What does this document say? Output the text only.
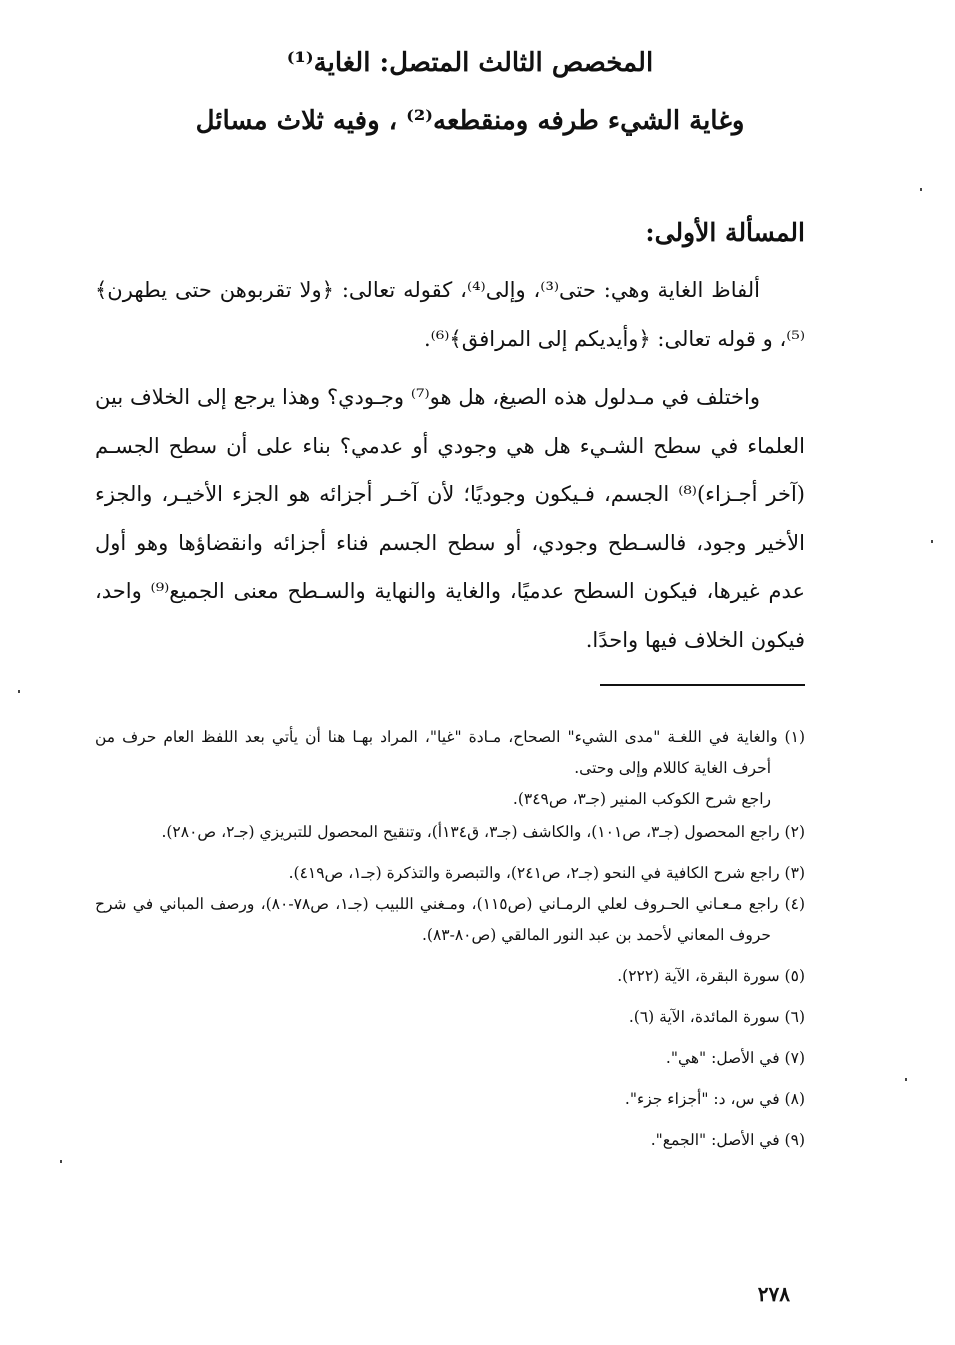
المخصص الثالث المتصل: الغاية⁽¹⁾
وغاية الشيء طرفه ومنقطعه⁽²⁾ ، وفيه ثلاث مسائل
المسألة الأولى:

ألفاظ الغاية وهي: حتى⁽³⁾، وإلى⁽⁴⁾، كقوله تعالى: ﴿ولا تقربوهن حتى يطهرن﴾⁽⁵⁾، و قوله تعالى: ﴿وأيديكم إلى المرافق﴾⁽⁶⁾.

واختلف في مـدلول هذه الصيغ، هل هو⁽⁷⁾ وجـودي؟ وهذا يرجع إلى الخلاف بين العلماء في سطح الشـيء هل هي وجودي أو عدمي؟ بناء على أن سطح الجسـم (آخر أجـزاء)⁽⁸⁾ الجسم، فـيكون وجوديًا؛ لأن آخـر أجزائه هو الجزء الأخيـر، والجزء الأخير وجود، فالسـطح وجودي، أو سطح الجسم فناء أجزائه وانقضاؤها وهو أول عدم غيرها، فيكون السطح عدميًا، والغاية والنهاية والسـطح معنى الجميع⁽⁹⁾ واحد، فيكون الخلاف فيها واحدًا.

(١) والغاية في اللغـة "مدى الشيء" الصحاح، مـادة "غيا"، المراد بهـا هنا أن يأتي بعد اللفظ العام حرف من أحرف الغاية كاللام وإلى وحتى.
راجع شرح الكوكب المنير (جـ٣، ص٣٤٩).
(٢) راجع المحصول (جـ٣، ص١٠١)، والكاشف (جـ٣، ق١٣٤أ)، وتنقيح المحصول للتبريزي (جـ٢، ص٢٨٠).
(٣) راجع شرح الكافية في النحو (جـ٢، ص٢٤١)، والتبصرة والتذكرة (جـ١، ص٤١٩).
(٤) راجع مـعـاني الحـروف لعلي الرمـاني (ص١١٥)، ومـغني اللبيب (جـ١، ص٧٨-٨٠)، ورصف المباني في شرح حروف المعاني لأحمد بن عبد النور المالقي (ص٨٠-٨٣).
(٥) سورة البقرة، الآية (٢٢٢).
(٦) سورة المائدة، الآية (٦).
(٧) في الأصل: "هي".
(٨) في س، د: "أجزاء جزء".
(٩) في الأصل: "الجمع".
٢٧٨
